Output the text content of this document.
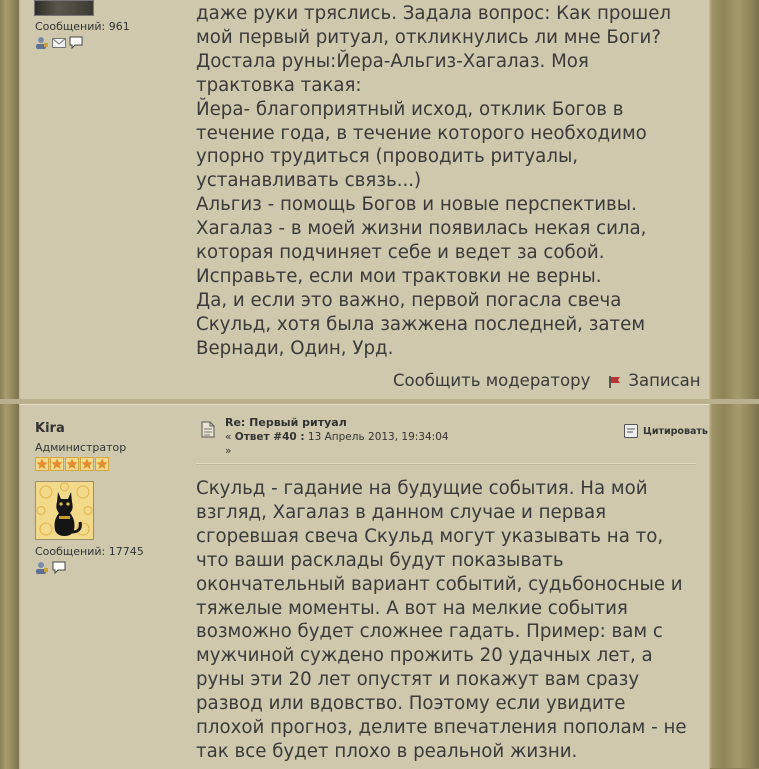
Сообщений: 961
даже руки тряслись. Задала вопрос: Как прошел
мой первый ритуал, откликнулись ли мне Боги?
Достала руны:Йера-Альгиз-Хагалаз. Моя
трактовка такая:
Йера- благоприятный исход, отклик Богов в
течение года, в течение которого необходимо
упорно трудиться (проводить ритуалы,
устанавливать связь...)
Альгиз - помощь Богов и новые перспективы.
Хагалаз - в моей жизни появилась некая сила,
которая подчиняет себе и ведет за собой.
Исправьте, если мои трактовки не верны.
Да, и если это важно, первой погасла свеча
Скульд, хотя была зажжена последней, затем
Вернади, Один, Урд.
Сообщить модератору Записан
Kira
Администратор
Сообщений: 17745
Re: Первый ритуал
« Ответ #40 : 13 Апрель 2013, 19:34:04
»
Цитировать
Скульд - гадание на будущие события. На мой
взгляд, Хагалаз в данном случае и первая
сгоревшая свеча Скульд могут указывать на то,
что ваши расклады будут показывать
окончательный вариант событий, судьбоносные и
тяжелые моменты. А вот на мелкие события
возможно будет сложнее гадать. Пример: вам с
мужчиной суждено прожить 20 удачных лет, а
руны эти 20 лет опустят и покажут вам сразу
развод или вдовство. Поэтому если увидите
плохой прогноз, делите впечатления пополам - не
так все будет плохо в реальной жизни.
